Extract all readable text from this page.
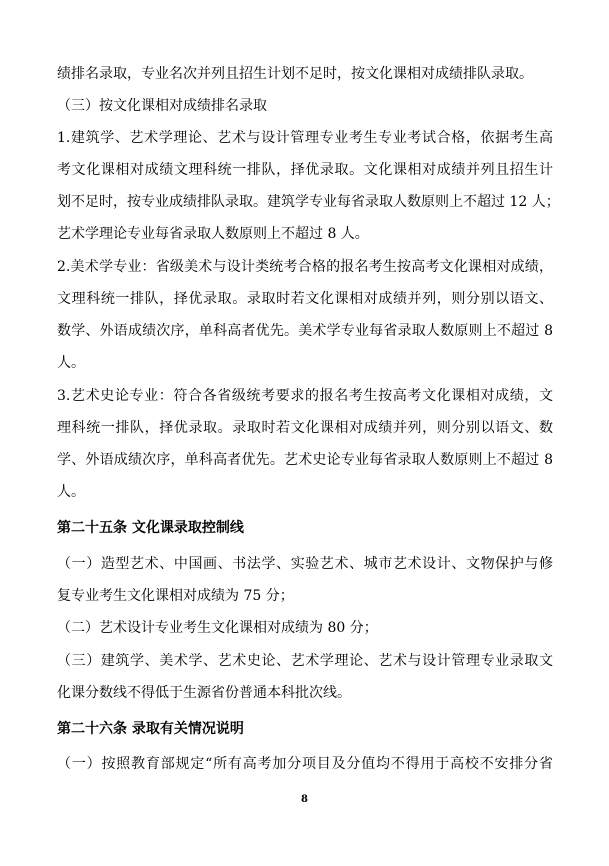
绩排名录取，专业名次并列且招生计划不足时，按文化课相对成绩排队录取。
（三）按文化课相对成绩排名录取
1.建筑学、艺术学理论、艺术与设计管理专业考生专业考试合格，依据考生高
考文化课相对成绩文理科统一排队，择优录取。文化课相对成绩并列且招生计
划不足时，按专业成绩排队录取。建筑学专业每省录取人数原则上不超过 12 人；
艺术学理论专业每省录取人数原则上不超过 8 人。
2.美术学专业：省级美术与设计类统考合格的报名考生按高考文化课相对成绩，
文理科统一排队，择优录取。录取时若文化课相对成绩并列，则分别以语文、
数学、外语成绩次序，单科高者优先。美术学专业每省录取人数原则上不超过 8
人。
3.艺术史论专业：符合各省级统考要求的报名考生按高考文化课相对成绩，文
理科统一排队，择优录取。录取时若文化课相对成绩并列，则分别以语文、数
学、外语成绩次序，单科高者优先。艺术史论专业每省录取人数原则上不超过 8
人。
第二十五条 文化课录取控制线
（一）造型艺术、中国画、书法学、实验艺术、城市艺术设计、文物保护与修
复专业考生文化课相对成绩为 75 分；
（二）艺术设计专业考生文化课相对成绩为 80 分；
（三）建筑学、美术学、艺术史论、艺术学理论、艺术与设计管理专业录取文
化课分数线不得低于生源省份普通本科批次线。
第二十六条 录取有关情况说明
（一）按照教育部规定“所有高考加分项目及分值均不得用于高校不安排分省
8
